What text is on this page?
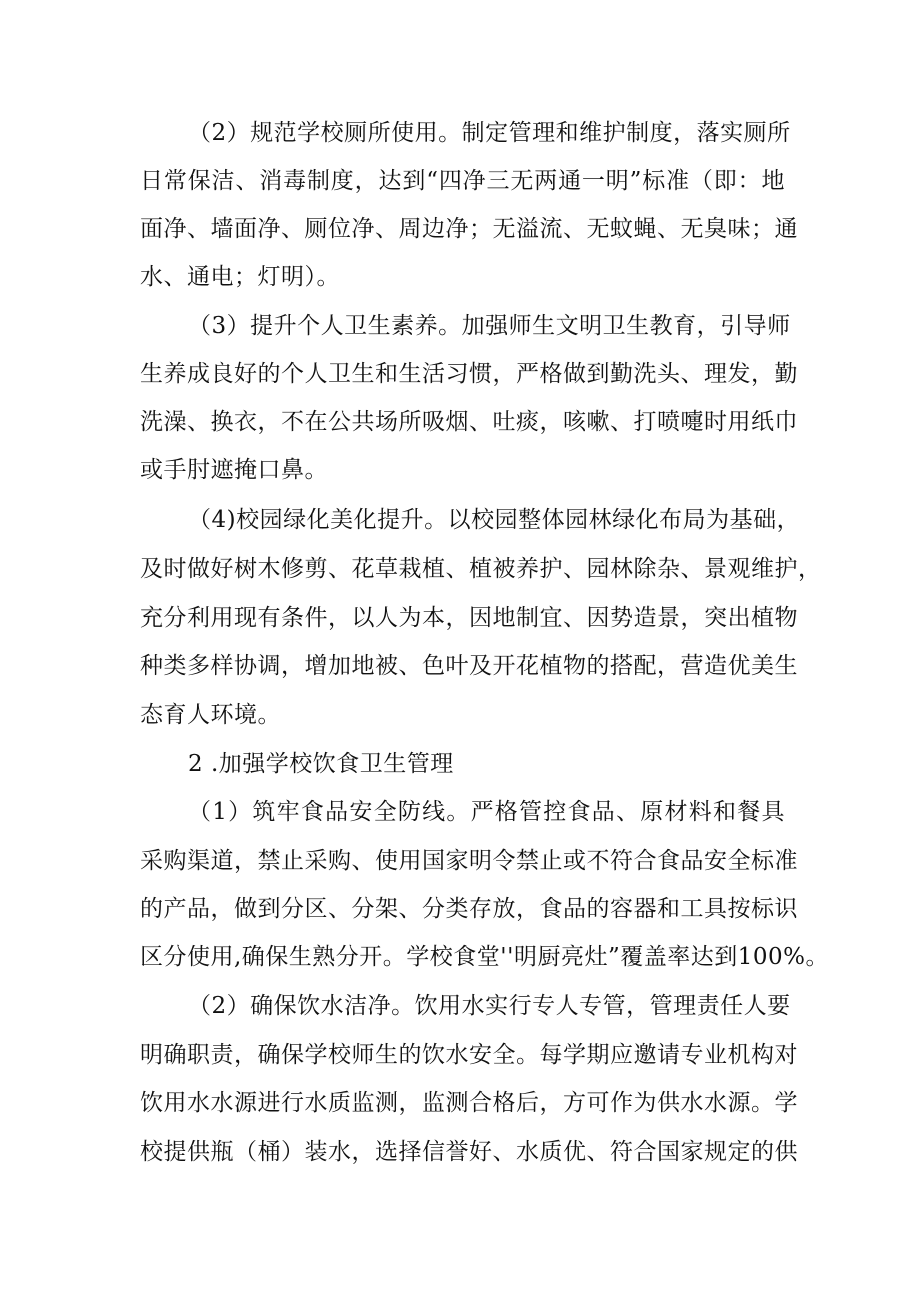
（2）规范学校厕所使用。制定管理和维护制度，落实厕所
日常保洁、消毒制度，达到“四净三无两通一明”标准（即：地
面净、墙面净、厕位净、周边净；无溢流、无蚊蝇、无臭味；通
水、通电；灯明）。
（3）提升个人卫生素养。加强师生文明卫生教育，引导师
生养成良好的个人卫生和生活习惯，严格做到勤洗头、理发，勤
洗澡、换衣，不在公共场所吸烟、吐痰，咳嗽、打喷嚏时用纸巾
或手肘遮掩口鼻。
（4)校园绿化美化提升。以校园整体园林绿化布局为基础，
及时做好树木修剪、花草栽植、植被养护、园林除杂、景观维护，
充分利用现有条件，以人为本，因地制宜、因势造景，突出植物
种类多样协调，增加地被、色叶及开花植物的搭配，营造优美生
态育人环境。
2 .加强学校饮食卫生管理
（1）筑牢食品安全防线。严格管控食品、原材料和餐具
采购渠道，禁止采购、使用国家明令禁止或不符合食品安全标准
的产品，做到分区、分架、分类存放，食品的容器和工具按标识
区分使用,确保生熟分开。学校食堂''明厨亮灶”覆盖率达到100%。
（2）确保饮水洁净。饮用水实行专人专管，管理责任人要
明确职责，确保学校师生的饮水安全。每学期应邀请专业机构对
饮用水水源进行水质监测，监测合格后，方可作为供水水源。学
校提供瓶（桶）装水，选择信誉好、水质优、符合国家规定的供
